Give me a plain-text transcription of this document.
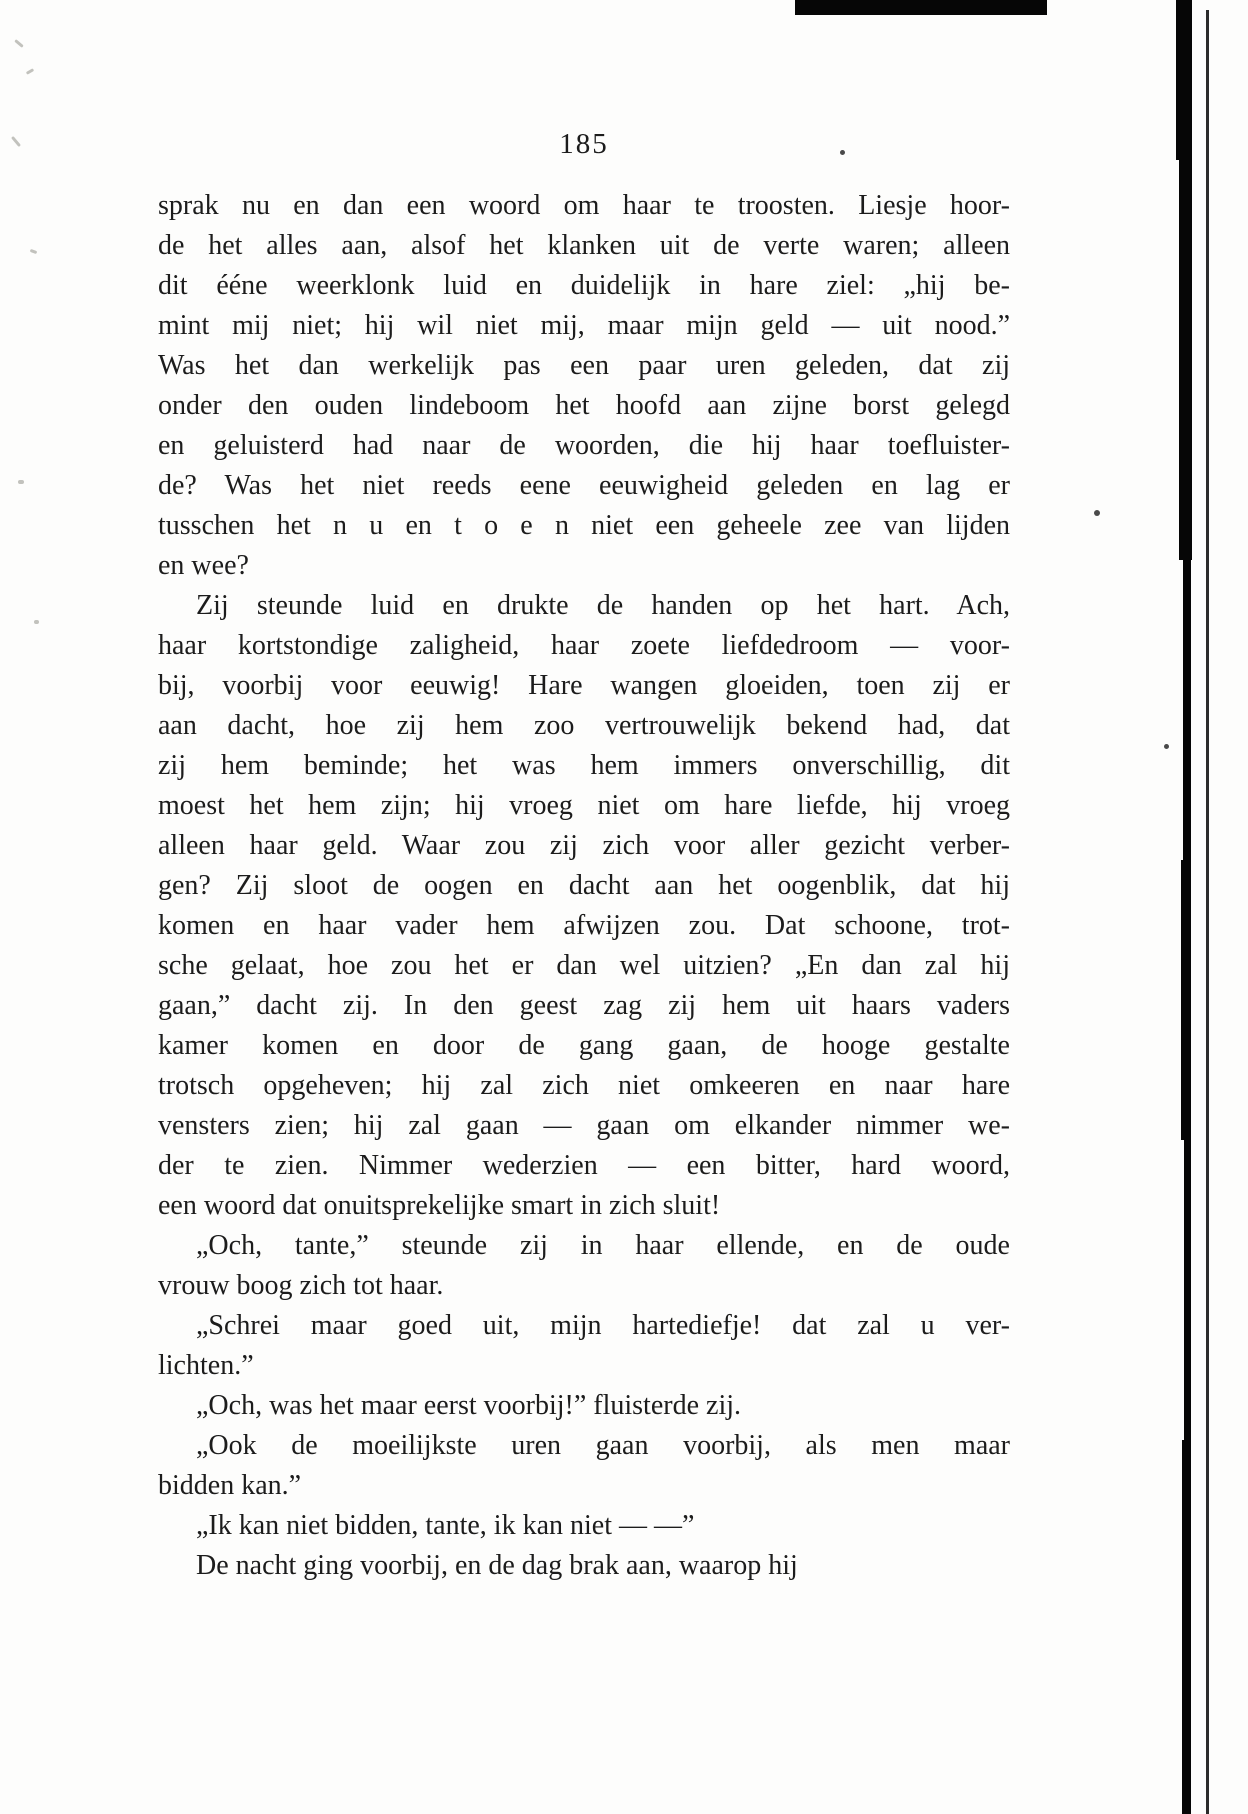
185
sprak nu en dan een woord om haar te troosten. Liesje hoor-
de het alles aan, alsof het klanken uit de verte waren; alleen
dit ééne weerklonk luid en duidelijk in hare ziel: „hij be-
mint mij niet; hij wil niet mij, maar mijn geld — uit nood.”
Was het dan werkelijk pas een paar uren geleden, dat zij
onder den ouden lindeboom het hoofd aan zijne borst gelegd
en geluisterd had naar de woorden, die hij haar toefluister-
de? Was het niet reeds eene eeuwigheid geleden en lag er
tusschen het n u en t o e n niet een geheele zee van lijden
en wee?
Zij steunde luid en drukte de handen op het hart. Ach,
haar kortstondige zaligheid, haar zoete liefdedroom — voor-
bij, voorbij voor eeuwig! Hare wangen gloeiden, toen zij er
aan dacht, hoe zij hem zoo vertrouwelijk bekend had, dat
zij hem beminde; het was hem immers onverschillig, dit
moest het hem zijn; hij vroeg niet om hare liefde, hij vroeg
alleen haar geld. Waar zou zij zich voor aller gezicht verber-
gen? Zij sloot de oogen en dacht aan het oogenblik, dat hij
komen en haar vader hem afwijzen zou. Dat schoone, trot-
sche gelaat, hoe zou het er dan wel uitzien? „En dan zal hij
gaan,” dacht zij. In den geest zag zij hem uit haars vaders
kamer komen en door de gang gaan, de hooge gestalte
trotsch opgeheven; hij zal zich niet omkeeren en naar hare
vensters zien; hij zal gaan — gaan om elkander nimmer we-
der te zien. Nimmer wederzien — een bitter, hard woord,
een woord dat onuitsprekelijke smart in zich sluit!
„Och, tante,” steunde zij in haar ellende, en de oude
vrouw boog zich tot haar.
„Schrei maar goed uit, mijn hartediefje! dat zal u ver-
lichten.”
„Och, was het maar eerst voorbij!” fluisterde zij.
„Ook de moeilijkste uren gaan voorbij, als men maar
bidden kan.”
„Ik kan niet bidden, tante, ik kan niet — —”
De nacht ging voorbij, en de dag brak aan, waarop hij
